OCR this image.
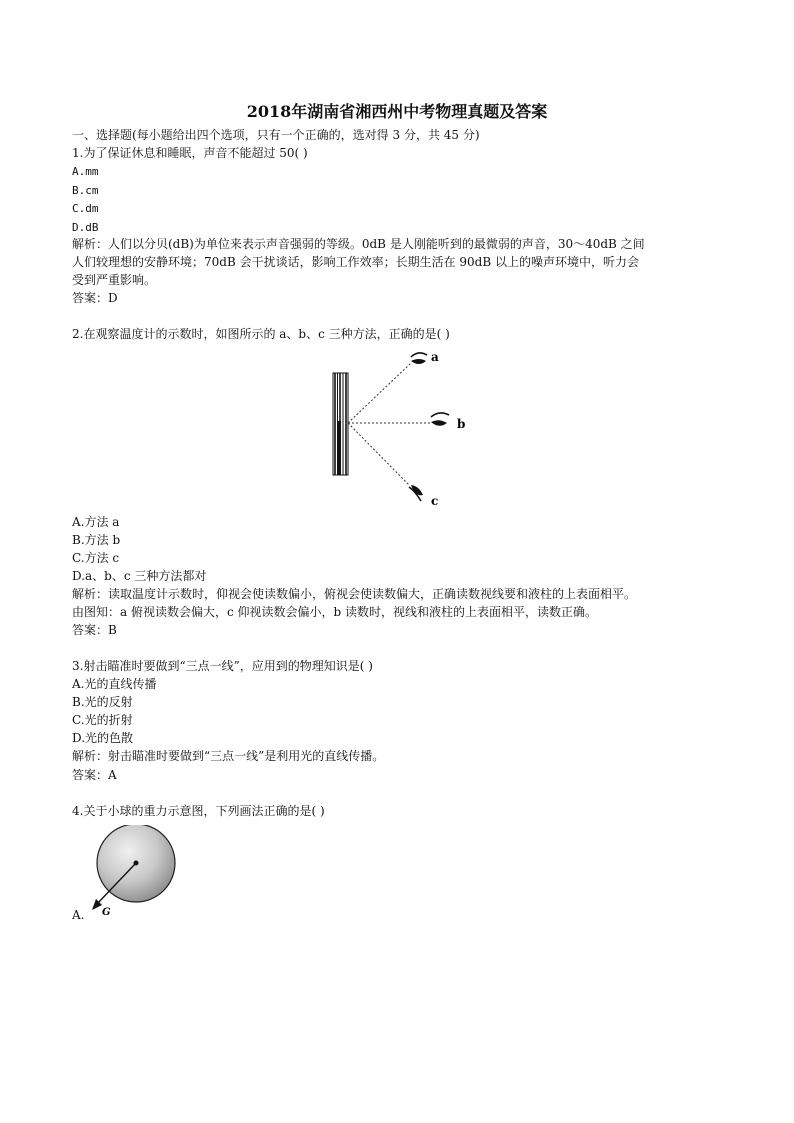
2018年湖南省湘西州中考物理真题及答案
一、选择题(每小题给出四个选项，只有一个正确的，选对得 3 分，共 45 分)
1.为了保证休息和睡眠，声音不能超过 50( )
A.mm
B.cm
C.dm
D.dB
解析：人们以分贝(dB)为单位来表示声音强弱的等级。0dB 是人刚能听到的最微弱的声音，30～40dB 之间
人们较理想的安静环境；70dB 会干扰谈话，影响工作效率；长期生活在 90dB 以上的噪声环境中，听力会
受到严重影响。
答案：D
2.在观察温度计的示数时，如图所示的 a、b、c 三种方法，正确的是( )
a
b
c
A.方法 a
B.方法 b
C.方法 c
D.a、b、c 三种方法都对
解析：读取温度计示数时，仰视会使读数偏小，俯视会使读数偏大，正确读数视线要和液柱的上表面相平。
由图知：a 俯视读数会偏大，c 仰视读数会偏小，b 读数时，视线和液柱的上表面相平，读数正确。
答案：B
3.射击瞄准时要做到“三点一线”，应用到的物理知识是( )
A.光的直线传播
B.光的反射
C.光的折射
D.光的色散
解析：射击瞄准时要做到“三点一线”是利用光的直线传播。
答案：A
4.关于小球的重力示意图，下列画法正确的是( )
G
A.
